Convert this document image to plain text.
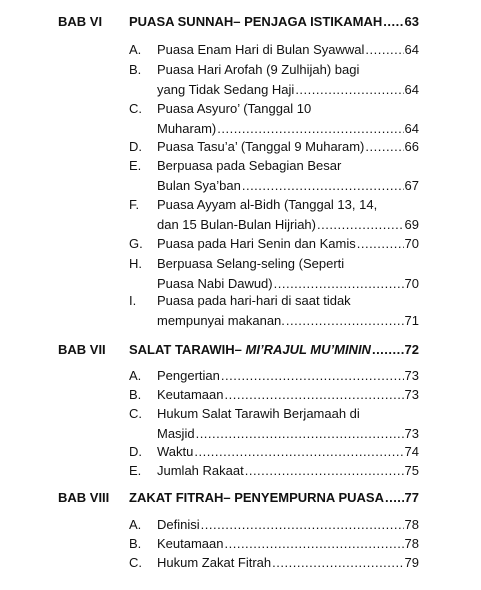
BAB VI PUASA SUNNAH– PENJAGA ISTIKAMAH ..... 63
A. Puasa Enam Hari di Bulan Syawwal .....	64
B. Puasa Hari Arofah (9 Zulhijah) bagi
yang Tidak Sedang Haji .....	64
C. Puasa Asyuro’ (Tanggal 10
Muharam) .....	64
D. Puasa Tasu’a’ (Tanggal 9 Muharam) .....	66
E. Berpuasa pada Sebagian Besar
Bulan Sya’ban .....	67
F. Puasa Ayyam al-Bidh (Tanggal 13, 14,
dan 15 Bulan-Bulan Hijriah) .....	69
G. Puasa pada Hari Senin dan Kamis .....	70
H. Berpuasa Selang-seling (Seperti
Puasa Nabi Dawud) .....	70
I. Puasa pada hari-hari di saat tidak
mempunyai makanan. .....	71
BAB VII SALAT TARAWIH– MI’RAJUL MU’MININ .....	72
A. Pengertian .....	73
B. Keutamaan .....	73
C. Hukum Salat Tarawih Berjamaah di
Masjid .....	73
D. Waktu .....	74
E. Jumlah Rakaat .....	75
BAB VIII ZAKAT FITRAH– PENYEMPURNA PUASA ..... 77
A. Definisi .....	78
B. Keutamaan .....	78
C. Hukum Zakat Fitrah .....	79
